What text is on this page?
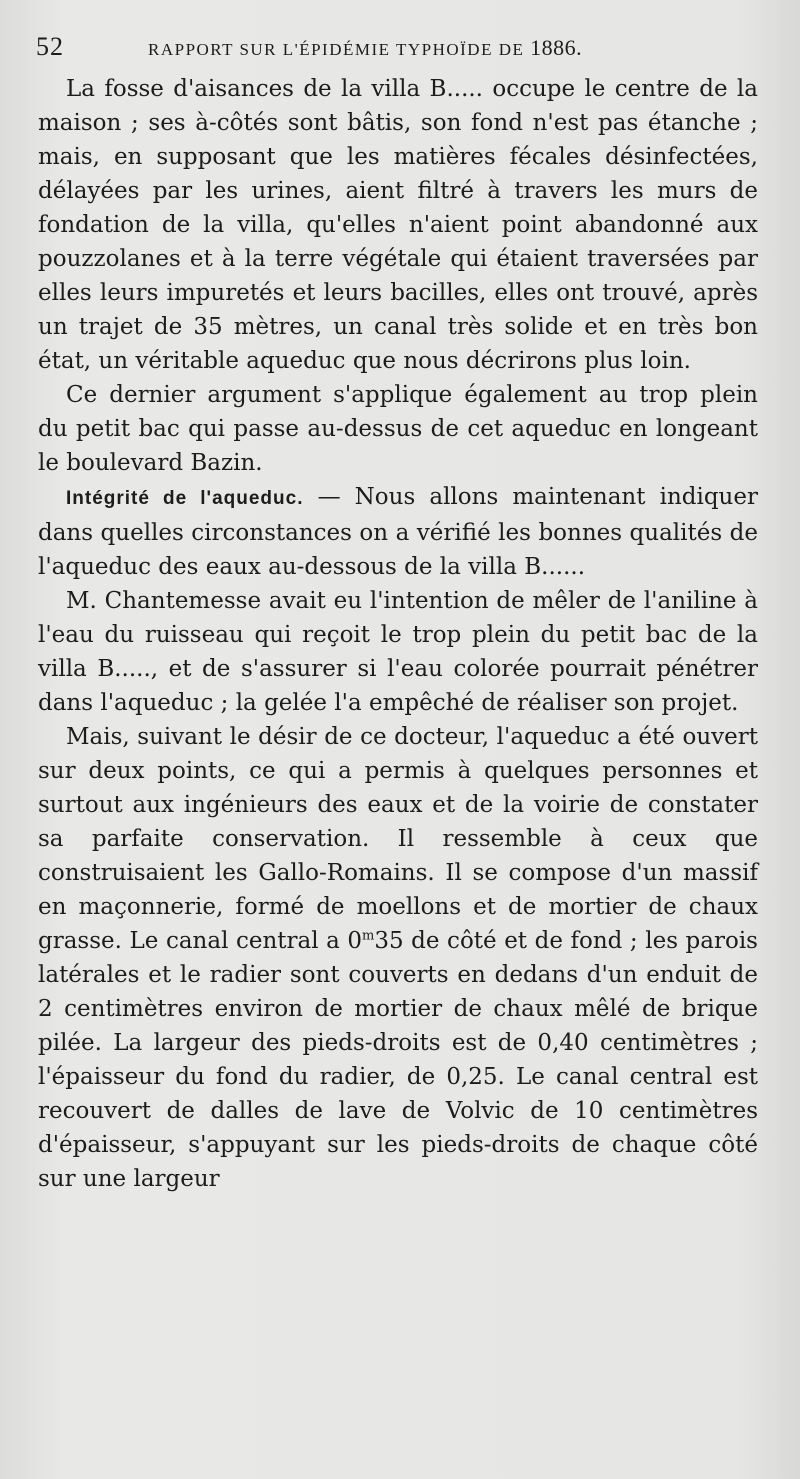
52	RAPPORT SUR L'ÉPIDÉMIE TYPHOÏDE DE 1886.

La fosse d'aisances de la villa B..... occupe le centre de la maison ; ses à-côtés sont bâtis, son fond n'est pas étanche ; mais, en supposant que les matières fécales désinfectées, délayées par les urines, aient filtré à travers les murs de fondation de la villa, qu'elles n'aient point abandonné aux pouzzolanes et à la terre végétale qui étaient traversées par elles leurs impuretés et leurs bacilles, elles ont trouvé, après un trajet de 35 mètres, un canal très solide et en très bon état, un véritable aqueduc que nous décrirons plus loin.

Ce dernier argument s'applique également au trop plein du petit bac qui passe au-dessus de cet aqueduc en longeant le boulevard Bazin.

Intégrité de l'aqueduc. — Nous allons maintenant indiquer dans quelles circonstances on a vérifié les bonnes qualités de l'aqueduc des eaux au-dessous de la villa B......

M. Chantemesse avait eu l'intention de mêler de l'aniline à l'eau du ruisseau qui reçoit le trop plein du petit bac de la villa B....., et de s'assurer si l'eau colorée pourrait pénétrer dans l'aqueduc ; la gelée l'a empêché de réaliser son projet.

Mais, suivant le désir de ce docteur, l'aqueduc a été ouvert sur deux points, ce qui a permis à quelques personnes et surtout aux ingénieurs des eaux et de la voirie de constater sa parfaite conservation. Il ressemble à ceux que construisaient les Gallo-Romains. Il se compose d'un massif en maçonnerie, formé de moellons et de mortier de chaux grasse. Le canal central a 0$^m$35 de côté et de fond ; les parois latérales et le radier sont couverts en dedans d'un enduit de 2 centimètres environ de mortier de chaux mêlé de brique pilée. La largeur des pieds-droits est de 0,40 centimètres ; l'épaisseur du fond du radier, de 0,25. Le canal central est recouvert de dalles de lave de Volvic de 10 centimètres d'épaisseur, s'appuyant sur les pieds-droits de chaque côté sur une largeur
